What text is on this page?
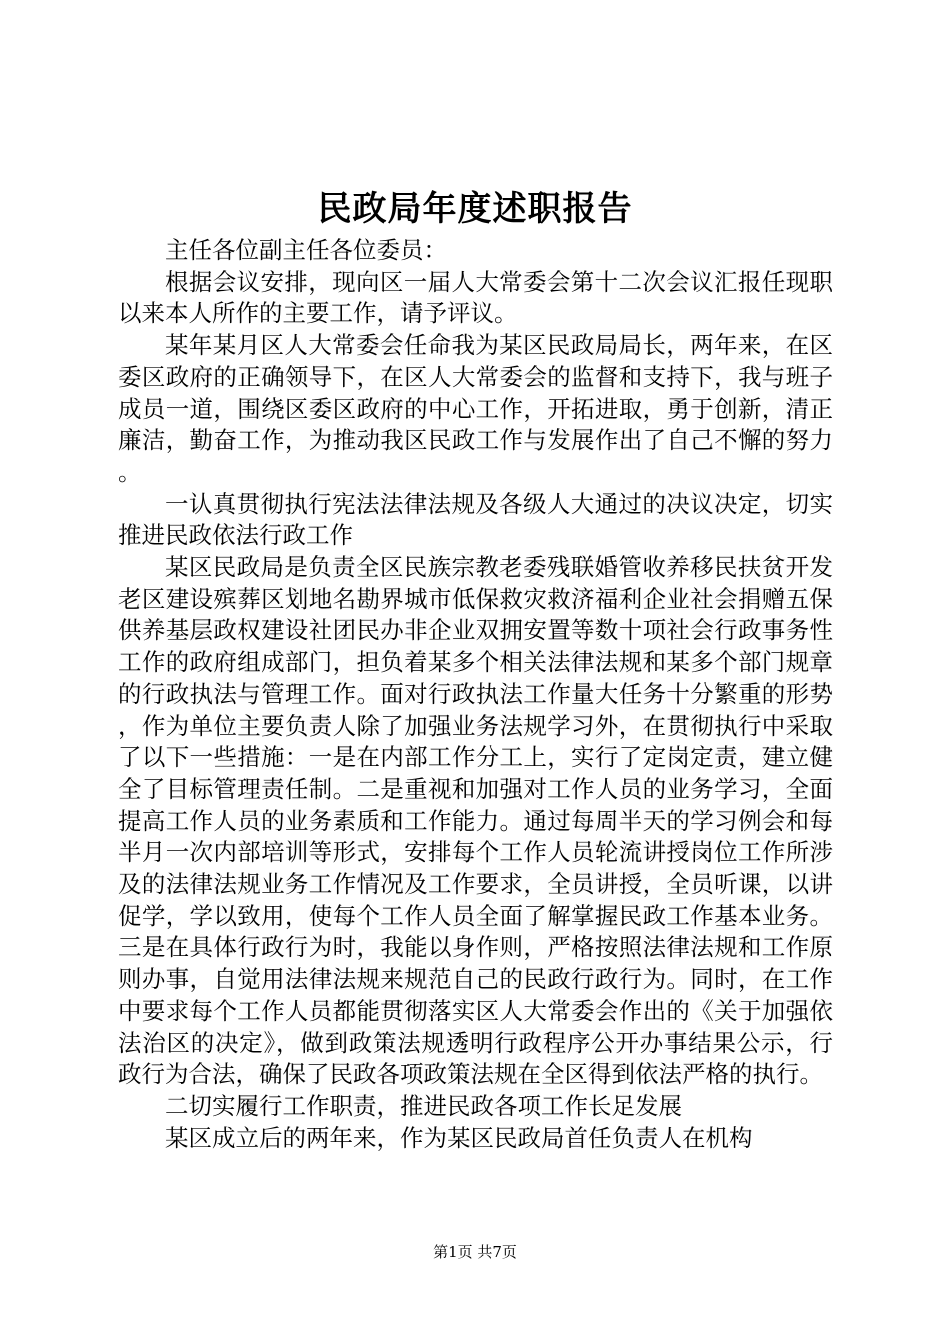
民政局年度述职报告

主任各位副主任各位委员：

根据会议安排，现向区一届人大常委会第十二次会议汇报任现职以来本人所作的主要工作，请予评议。

某年某月区人大常委会任命我为某区民政局局长，两年来，在区委区政府的正确领导下，在区人大常委会的监督和支持下，我与班子成员一道，围绕区委区政府的中心工作，开拓进取，勇于创新，清正廉洁，勤奋工作，为推动我区民政工作与发展作出了自己不懈的努力。

一认真贯彻执行宪法法律法规及各级人大通过的决议决定，切实推进民政依法行政工作

某区民政局是负责全区民族宗教老委残联婚管收养移民扶贫开发老区建设殡葬区划地名勘界城市低保救灾救济福利企业社会捐赠五保供养基层政权建设社团民办非企业双拥安置等数十项社会行政事务性工作的政府组成部门，担负着某多个相关法律法规和某多个部门规章的行政执法与管理工作。面对行政执法工作量大任务十分繁重的形势，作为单位主要负责人除了加强业务法规学习外，在贯彻执行中采取了以下一些措施：一是在内部工作分工上，实行了定岗定责，建立健全了目标管理责任制。二是重视和加强对工作人员的业务学习，全面提高工作人员的业务素质和工作能力。通过每周半天的学习例会和每半月一次内部培训等形式，安排每个工作人员轮流讲授岗位工作所涉及的法律法规业务工作情况及工作要求，全员讲授，全员听课，以讲促学，学以致用，使每个工作人员全面了解掌握民政工作基本业务。三是在具体行政行为时，我能以身作则，严格按照法律法规和工作原则办事，自觉用法律法规来规范自己的民政行政行为。同时，在工作中要求每个工作人员都能贯彻落实区人大常委会作出的《关于加强依法治区的决定》，做到政策法规透明行政程序公开办事结果公示，行政行为合法，确保了民政各项政策法规在全区得到依法严格的执行。

二切实履行工作职责，推进民政各项工作长足发展

某区成立后的两年来，作为某区民政局首任负责人在机构

第1页 共7页
